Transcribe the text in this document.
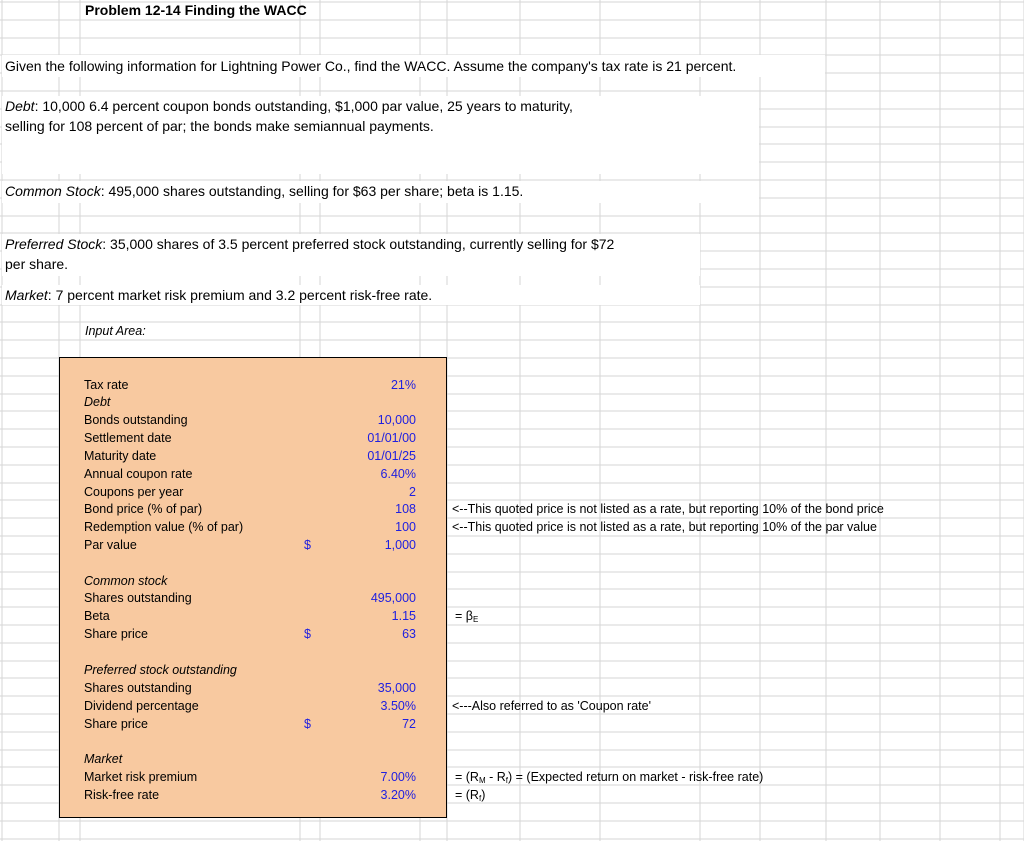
Problem 12-14 Finding the WACC
Given the following information for Lightning Power Co., find the WACC. Assume the company's tax rate is 21 percent.
Debt: 10,000 6.4 percent coupon bonds outstanding, $1,000 par value, 25 years to maturity,
selling for 108 percent of par; the bonds make semiannual payments.
Common Stock: 495,000 shares outstanding, selling for $63 per share; beta is 1.15.
Preferred Stock: 35,000 shares of 3.5 percent preferred stock outstanding, currently selling for $72
per share.
Market: 7 percent market risk premium and 3.2 percent risk-free rate.
Input Area:
Tax rate
Debt
Bonds outstanding
Settlement date
Maturity date
Annual coupon rate
Coupons per year
Bond price (% of par)
Redemption value (% of par)
Par value
Common stock
Shares outstanding
Beta
Share price
Preferred stock outstanding
Shares outstanding
Dividend percentage
Share price
Market
Market risk premium
Risk-free rate
$
$
$
21%
10,000
01/01/00
01/01/25
6.40%
2
108
100
1,000
495,000
1.15
63
35,000
3.50%
72
7.00%
3.20%
<--This quoted price is not listed as a rate, but reporting 10% of the bond price
<--This quoted price is not listed as a rate, but reporting 10% of the par value
= $\beta_E$
<---Also referred to as 'Coupon rate'
= $(R_M - R_f)$ = (Expected return on market - risk-free rate)
= $(R_f)$
